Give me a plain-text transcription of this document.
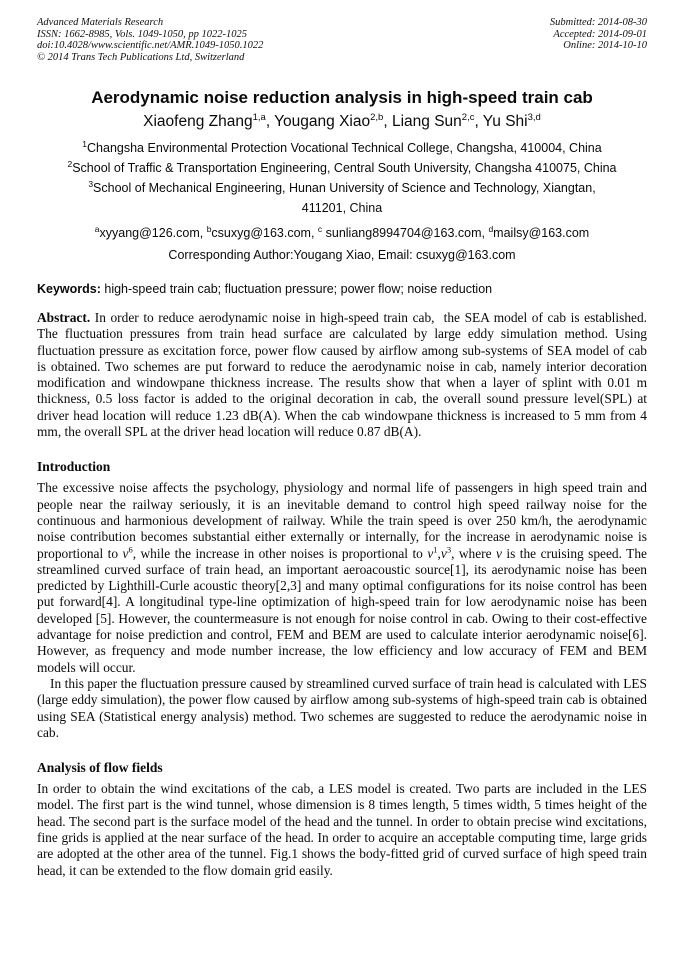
Advanced Materials Research
ISSN: 1662-8985, Vols. 1049-1050, pp 1022-1025
doi:10.4028/www.scientific.net/AMR.1049-1050.1022
© 2014 Trans Tech Publications Ltd, Switzerland
Submitted: 2014-08-30
Accepted: 2014-09-01
Online: 2014-10-10
Aerodynamic noise reduction analysis in high-speed train cab
Xiaofeng Zhang$^{1,a}$, Yougang Xiao$^{2,b}$, Liang Sun$^{2,c}$, Yu Shi$^{3,d}$
$^1$Changsha Environmental Protection Vocational Technical College, Changsha, 410004, China
$^2$School of Traffic & Transportation Engineering, Central South University, Changsha 410075, China
$^3$School of Mechanical Engineering, Hunan University of Science and Technology, Xiangtan, 411201, China
$^a$xyyang@126.com, $^b$csuxyg@163.com, $^c$ sunliang8994704@163.com, $^d$mailsy@163.com
Corresponding Author:Yougang Xiao, Email: csuxyg@163.com

Keywords: high-speed train cab; fluctuation pressure; power flow; noise reduction

Abstract. In order to reduce aerodynamic noise in high-speed train cab,  the SEA model of cab is established. The fluctuation pressures from train head surface are calculated by large eddy simulation method. Using fluctuation pressure as excitation force, power flow caused by airflow among sub-systems of SEA model of cab is obtained. Two schemes are put forward to reduce the aerodynamic noise in cab, namely interior decoration modification and windowpane thickness increase. The results show that when a layer of splint with 0.01 m thickness, 0.5 loss factor is added to the original decoration in cab, the overall sound pressure level(SPL) at driver head location will reduce 1.23 dB(A). When the cab windowpane thickness is increased to 5 mm from 4 mm, the overall SPL at the driver head location will reduce 0.87 dB(A).

Introduction

The excessive noise affects the psychology, physiology and normal life of passengers in high speed train and people near the railway seriously, it is an inevitable demand to control high speed railway noise for the continuous and harmonious development of railway. While the train speed is over 250 km/h, the aerodynamic noise contribution becomes substantial either externally or internally, for the increase in aerodynamic noise is proportional to $v^6$, while the increase in other noises is proportional to $v^1,v^3$, where v is the cruising speed. The streamlined curved surface of train head, an important aeroacoustic source[1], its aerodynamic noise has been predicted by Lighthill-Curle acoustic theory[2,3] and many optimal configurations for its noise control has been put forward[4]. A longitudinal type-line optimization of high-speed train for low aerodynamic noise has been developed [5]. However, the countermeasure is not enough for noise control in cab. Owing to their cost-effective advantage for noise prediction and control, FEM and BEM are used to calculate interior aerodynamic noise[6]. However, as frequency and mode number increase, the low efficiency and low accuracy of FEM and BEM models will occur.

In this paper the fluctuation pressure caused by streamlined curved surface of train head is calculated with LES (large eddy simulation), the power flow caused by airflow among sub-systems of high-speed train cab is obtained using SEA (Statistical energy analysis) method. Two schemes are suggested to reduce the aerodynamic noise in cab.

Analysis of flow fields

In order to obtain the wind excitations of the cab, a LES model is created. Two parts are included in the LES model. The first part is the wind tunnel, whose dimension is 8 times length, 5 times width, 5 times height of the head. The second part is the surface model of the head and the tunnel. In order to obtain precise wind excitations, fine grids is applied at the near surface of the head. In order to acquire an acceptable computing time, large grids are adopted at the other area of the tunnel. Fig.1 shows the body-fitted grid of curved surface of high speed train head, it can be extended to the flow domain grid easily.
